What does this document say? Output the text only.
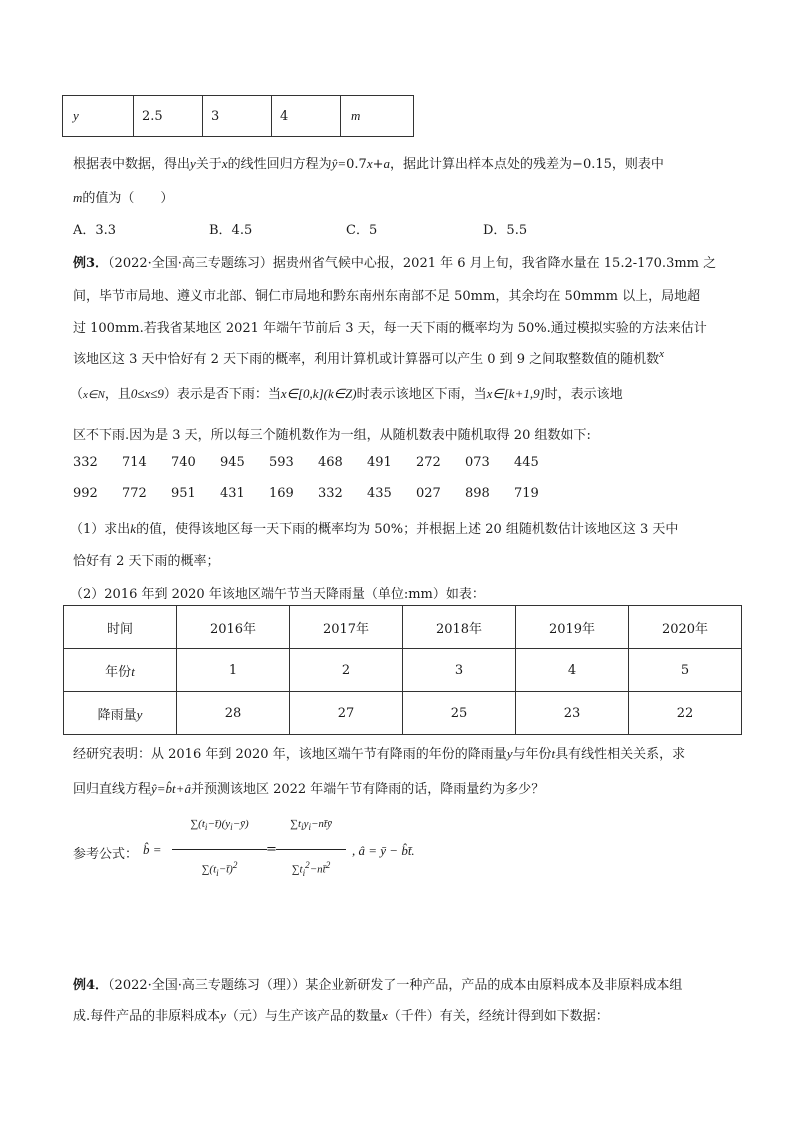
y	2.5	3	4	m
根据表中数据，得出y关于x的线性回归方程为ŷ=0.7x+a，据此计算出样本点处的残差为−0.15，则表中
m的值为（　　）
A．3.3	B．4.5	C．5	D．5.5
例3．（2022·全国·高三专题练习）据贵州省气候中心报，2021 年 6 月上旬，我省降水量在 15.2-170.3mm 之
间，毕节市局地、遵义市北部、铜仁市局地和黔东南州东南部不足 50mm，其余均在 50mmm 以上，局地超
过 100mm.若我省某地区 2021 年端午节前后 3 天，每一天下雨的概率均为 50%.通过模拟实验的方法来估计
该地区这 3 天中恰好有 2 天下雨的概率，利用计算机或计算器可以产生 0 到 9 之间取整数值的随机数$^x$
（x∈N，且0≤x≤9）表示是否下雨：当x∈[0,k](k∈Z)时表示该地区下雨，当x∈[k+1,9]时，表示该地
区不下雨.因为是 3 天，所以每三个随机数作为一组，从随机数表中随机取得 20 组数如下:
332 714 740 945 593 468 491 272 073 445
992 772 951 431 169 332 435 027 898 719
（1）求出k的值，使得该地区每一天下雨的概率均为 50%；并根据上述 20 组随机数估计该地区这 3 天中
恰好有 2 天下雨的概率；
（2）2016 年到 2020 年该地区端午节当天降雨量（单位:mm）如表：
时间	2016年	2017年	2018年	2019年	2020年
年份t	1	2	3	4	5
降雨量y	28	27	25	23	22
经研究表明：从 2016 年到 2020 年，该地区端午节有降雨的年份的降雨量y与年份t具有线性相关关系，求
回归直线方程ŷ=b̂t+â并预测该地区 2022 年端午节有降雨的话，降雨量约为多少？
参考公式： b̂ =
$\sum(t_i-t̄)(y_i-ȳ)$
$\sum(t_i-t̄)^2$
=
$\sum t_iy_i-nt̄ȳ$
$\sum t_i^2-nt̄^2$
, â = ȳ − b̂t̄.
例4．（2022·全国·高三专题练习（理））某企业新研发了一种产品，产品的成本由原料成本及非原料成本组
成.每件产品的非原料成本y（元）与生产该产品的数量x（千件）有关，经统计得到如下数据：
